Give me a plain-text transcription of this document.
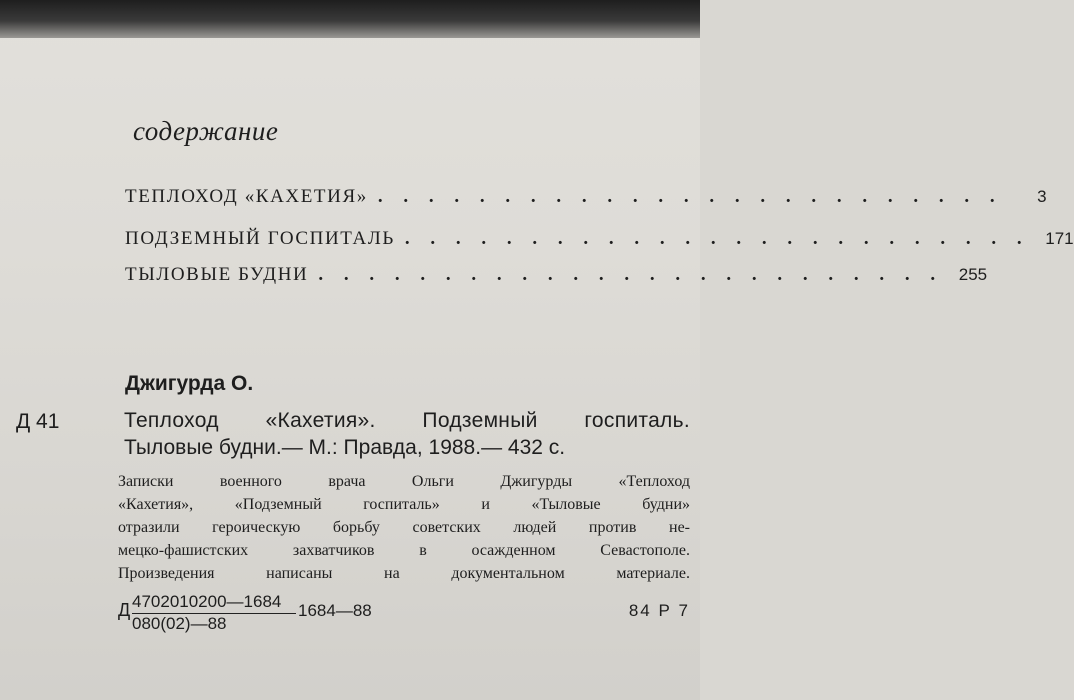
содержание
ТЕПЛОХОД «КАХЕТИЯ» . . . . . . . . . . . . . . . . . . . . . . . . .	3
ПОДЗЕМНЫЙ ГОСПИТАЛЬ . . . . . . . . . . . . . . . . . . . . . . . . . 171
ТЫЛОВЫЕ БУДНИ . . . . . . . . . . . . . . . . . . . . . . . . . 255
Джигурда О.
Д 41	Теплоход «Кахетия». Подземный госпиталь.
Тыловые будни.— М.: Правда, 1988.— 432 с.
Записки военного врача Ольги Джигурды «Теплоход
«Кахетия», «Подземный госпиталь» и «Тыловые будни»
отразили героическую борьбу советских людей против не-
мецко-фашистских захватчиков в осажденном Севастополе.
Произведения написаны на документальном материале.
Д 4702010200—1684
080(02)—88
1684—88	84 Р 7
